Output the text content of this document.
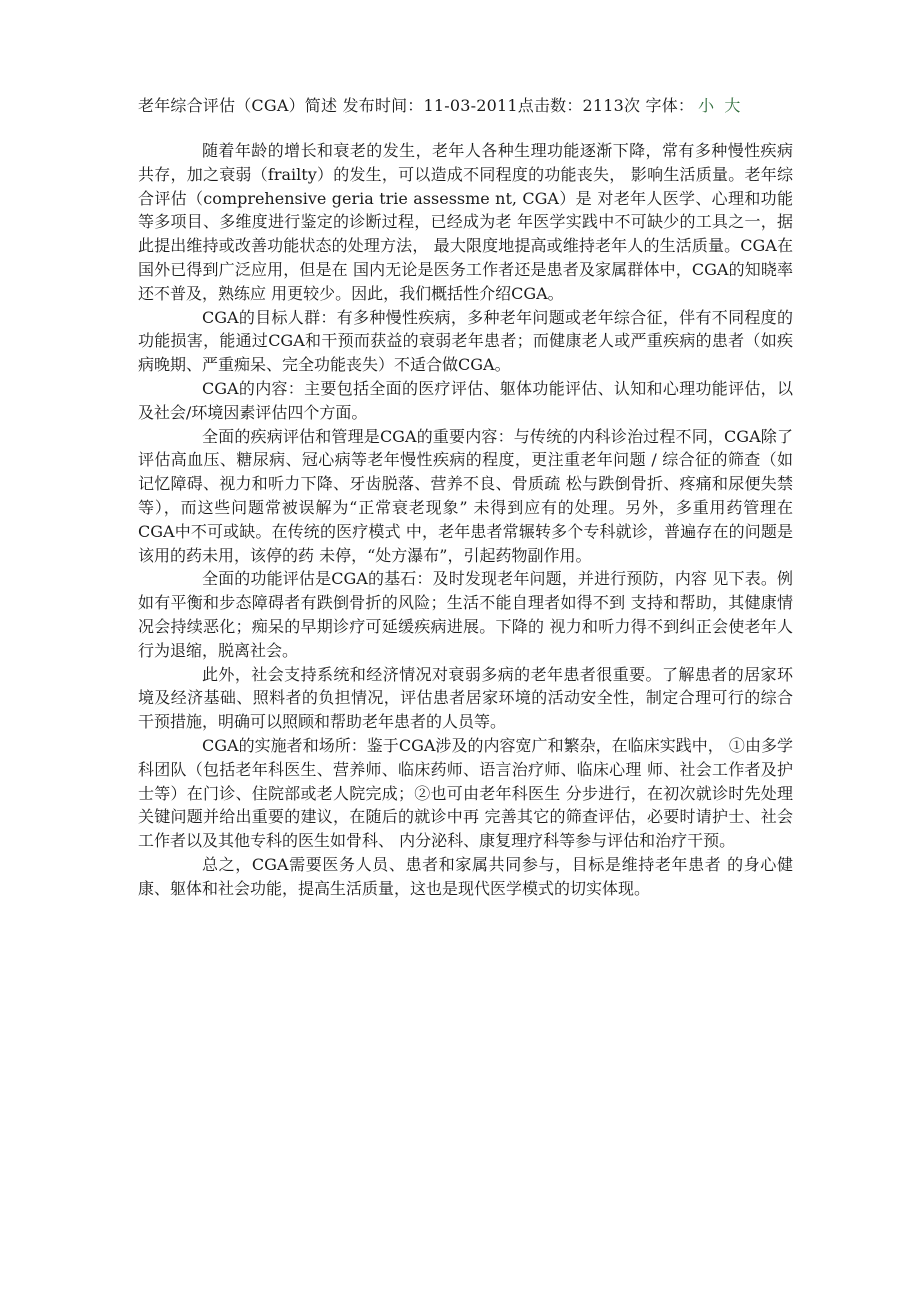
老年综合评估（CGA）简述 发布时间：11-03-2011点击数：2113次 字体： 小 大

随着年龄的增长和衰老的发生，老年人各种生理功能逐渐下降，常有多种慢性疾病共存，加之衰弱（frailty）的发生，可以造成不同程度的功能丧失， 影响生活质量。老年综合评估（comprehensive geria trie assessme nt, CGA）是 对老年人医学、心理和功能等多项目、多维度进行鉴定的诊断过程，已经成为老 年医学实践中不可缺少的工具之一，据此提出维持或改善功能状态的处理方法， 最大限度地提高或维持老年人的生活质量。CGA在国外已得到广泛应用，但是在 国内无论是医务工作者还是患者及家属群体中，CGA的知晓率还不普及，熟练应 用更较少。因此，我们概括性介绍CGA。

CGA的目标人群：有多种慢性疾病，多种老年问题或老年综合征，伴有不同程度的功能损害，能通过CGA和干预而获益的衰弱老年患者；而健康老人或严重疾病的患者（如疾病晚期、严重痴呆、完全功能丧失）不适合做CGA。

CGA的内容：主要包括全面的医疗评估、躯体功能评估、认知和心理功能评估，以及社会/环境因素评估四个方面。

全面的疾病评估和管理是CGA的重要内容：与传统的内科诊治过程不同，CGA除了评估高血压、糖尿病、冠心病等老年慢性疾病的程度，更注重老年问题 / 综合征的筛查（如记忆障碍、视力和听力下降、牙齿脱落、营养不良、骨质疏 松与跌倒骨折、疼痛和尿便失禁等），而这些问题常被误解为“正常衰老现象” 未得到应有的处理。另外，多重用药管理在CGA中不可或缺。在传统的医疗模式 中，老年患者常辗转多个专科就诊，普遍存在的问题是该用的药未用，该停的药 未停，“处方瀑布”，引起药物副作用。

全面的功能评估是CGA的基石：及时发现老年问题，并进行预防，内容 见下表。例如有平衡和步态障碍者有跌倒骨折的风险；生活不能自理者如得不到 支持和帮助，其健康情况会持续恶化；痴呆的早期诊疗可延缓疾病进展。下降的 视力和听力得不到纠正会使老年人行为退缩，脱离社会。

此外，社会支持系统和经济情况对衰弱多病的老年患者很重要。了解患者的居家环境及经济基础、照料者的负担情况，评估患者居家环境的活动安全性，制定合理可行的综合干预措施，明确可以照顾和帮助老年患者的人员等。

CGA的实施者和场所：鉴于CGA涉及的内容宽广和繁杂，在临床实践中， ①由多学科团队（包括老年科医生、营养师、临床药师、语言治疗师、临床心理 师、社会工作者及护士等）在门诊、住院部或老人院完成；②也可由老年科医生 分步进行，在初次就诊时先处理关键问题并给出重要的建议，在随后的就诊中再 完善其它的筛查评估，必要时请护士、社会工作者以及其他专科的医生如骨科、 内分泌科、康复理疗科等参与评估和治疗干预。

总之，CGA需要医务人员、患者和家属共同参与，目标是维持老年患者 的身心健康、躯体和社会功能，提高生活质量，这也是现代医学模式的切实体现。
